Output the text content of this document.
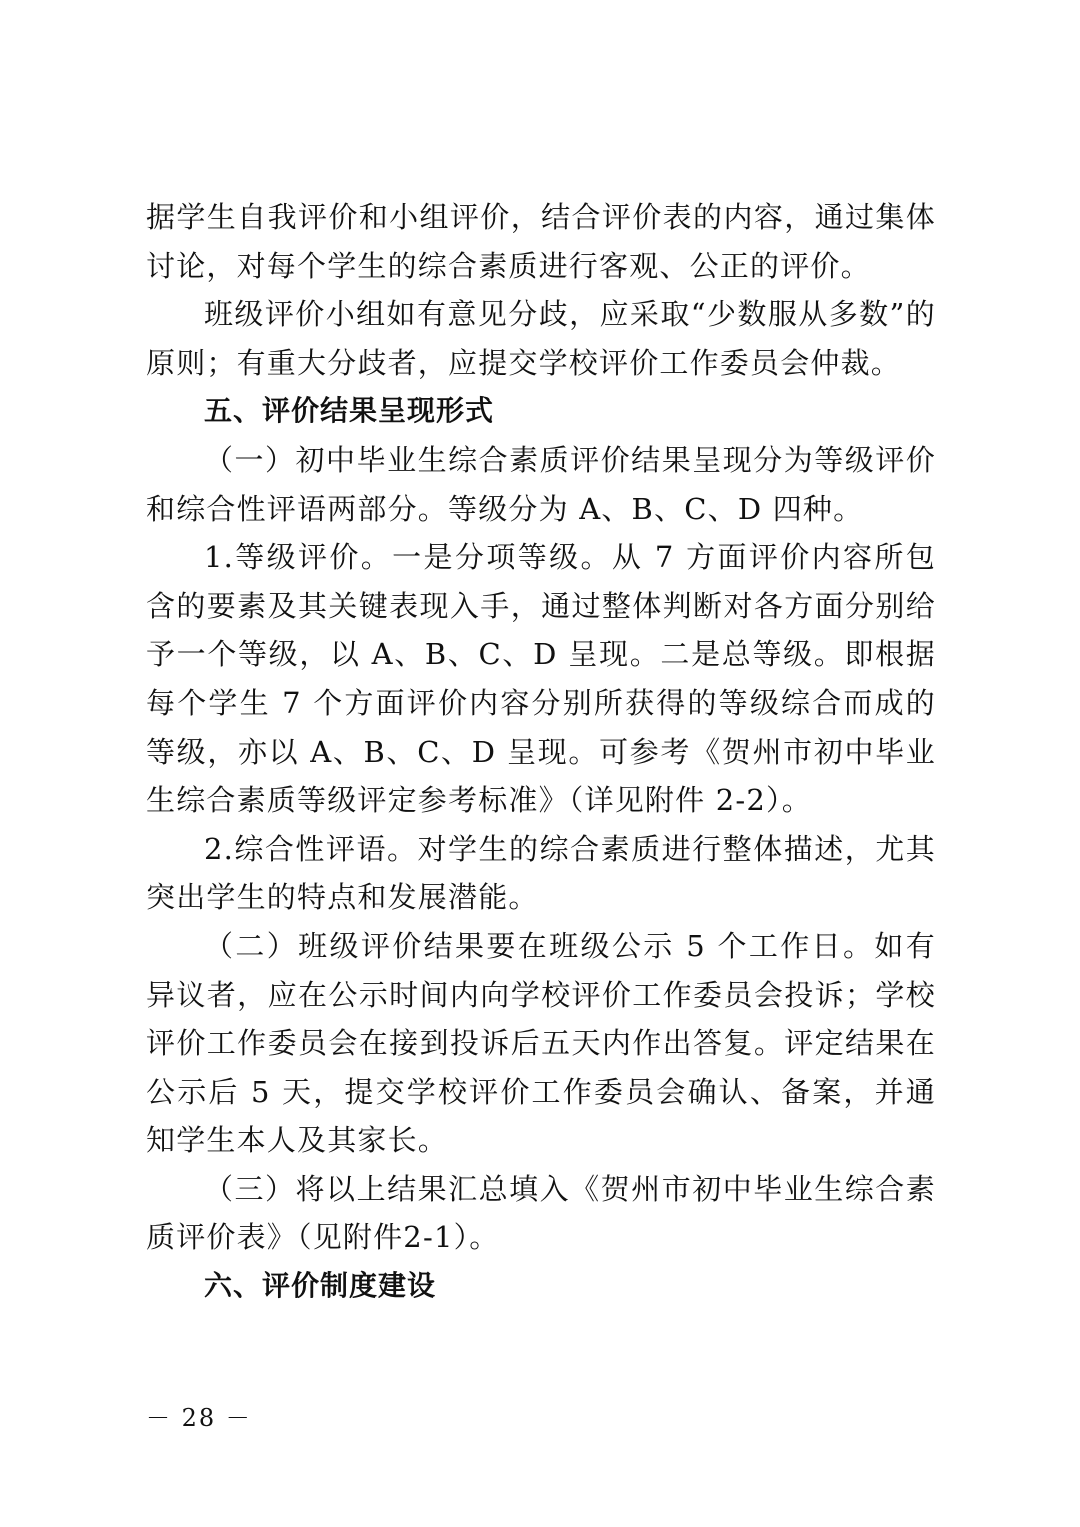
据学生自我评价和小组评价，结合评价表的内容，通过集体讨论，对每个学生的综合素质进行客观、公正的评价。

班级评价小组如有意见分歧，应采取“少数服从多数”的原则；有重大分歧者，应提交学校评价工作委员会仲裁。

五、评价结果呈现形式

（一）初中毕业生综合素质评价结果呈现分为等级评价和综合性评语两部分。等级分为 A、B、C、D 四种。

1.等级评价。一是分项等级。从 7 方面评价内容所包含的要素及其关键表现入手，通过整体判断对各方面分别给予一个等级，以 A、B、C、D 呈现。二是总等级。即根据每个学生 7 个方面评价内容分别所获得的等级综合而成的等级，亦以 A、B、C、D 呈现。可参考《贺州市初中毕业生综合素质等级评定参考标准》（详见附件 2-2）。

2.综合性评语。对学生的综合素质进行整体描述，尤其突出学生的特点和发展潜能。

（二）班级评价结果要在班级公示 5 个工作日。如有异议者，应在公示时间内向学校评价工作委员会投诉；学校评价工作委员会在接到投诉后五天内作出答复。评定结果在公示后 5 天，提交学校评价工作委员会确认、备案，并通知学生本人及其家长。

（三）将以上结果汇总填入《贺州市初中毕业生综合素质评价表》（见附件2-1）。

六、评价制度建设
－ 28 －
